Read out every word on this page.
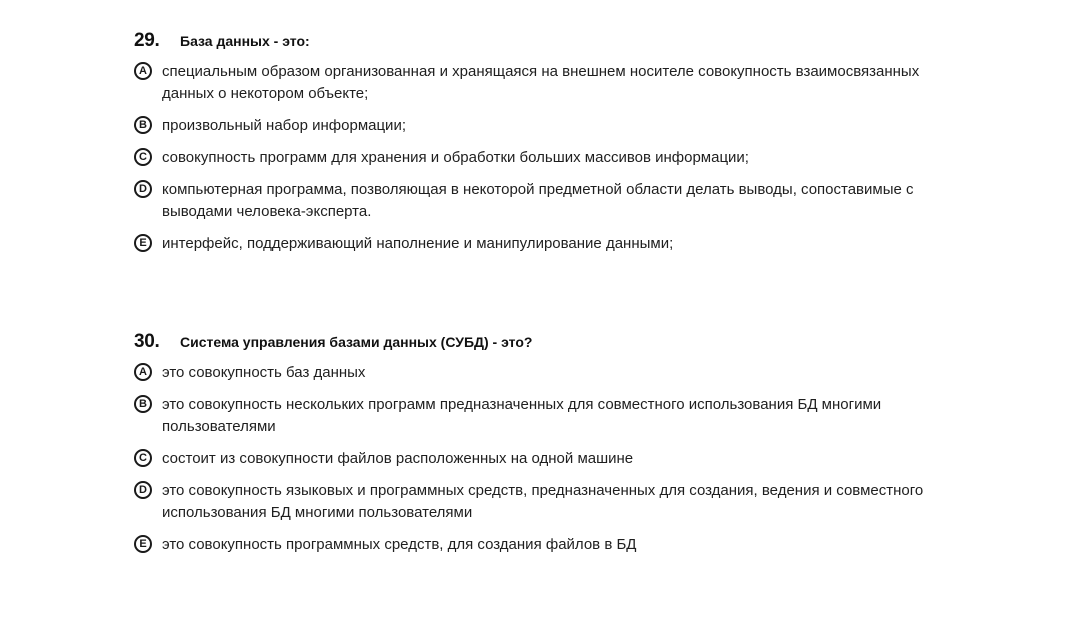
29.	База данных - это:
A	специальным образом организованная и хранящаяся на внешнем носителе совокупность взаимосвязанных данных о некотором объекте;
B	произвольный набор информации;
C	совокупность программ для хранения и обработки больших массивов информации;
D	компьютерная программа, позволяющая в некоторой предметной области делать выводы, сопоставимые с выводами человека-эксперта.
E	интерфейс, поддерживающий наполнение и манипулирование данными;
30.	Система управления базами данных (СУБД) - это?
A	это совокупность баз данных
B	это совокупность нескольких программ предназначенных для совместного использования БД многими пользователями
C	состоит из совокупности файлов расположенных на одной машине
D	это совокупность языковых и программных средств, предназначенных для создания, ведения и совместного использования БД многими пользователями
E	это совокупность программных средств, для создания файлов в БД
